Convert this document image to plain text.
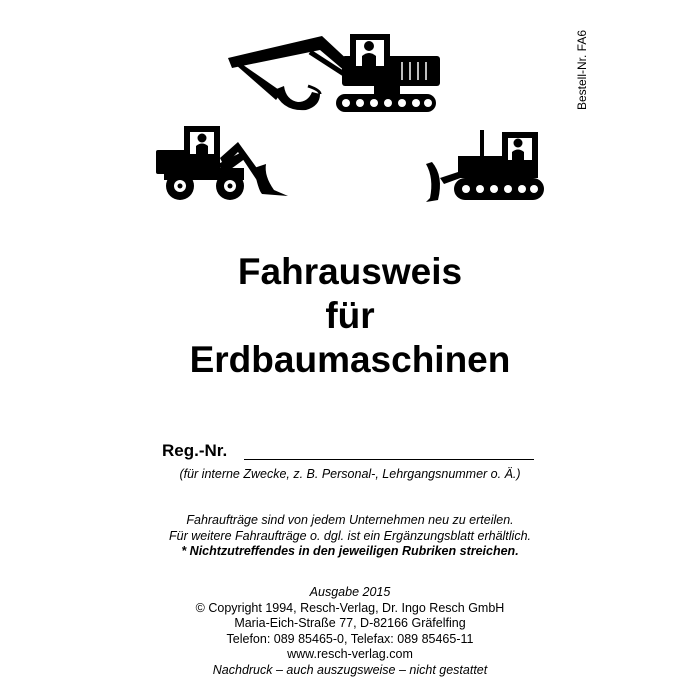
Bestell-Nr. FA6
Fahrausweis
für
Erdbaumaschinen
Reg.-Nr.
(für interne Zwecke, z. B. Personal-, Lehrgangsnummer o. Ä.)
Fahraufträge sind von jedem Unternehmen neu zu erteilen.
Für weitere Fahraufträge o. dgl. ist ein Ergänzungsblatt erhältlich.
* Nichtzutreffendes in den jeweiligen Rubriken streichen.
Ausgabe 2015
© Copyright 1994, Resch-Verlag, Dr. Ingo Resch GmbH
Maria-Eich-Straße 77, D-82166 Gräfelfing
Telefon: 089 85465-0, Telefax: 089 85465-11
www.resch-verlag.com
Nachdruck – auch auszugsweise – nicht gestattet
